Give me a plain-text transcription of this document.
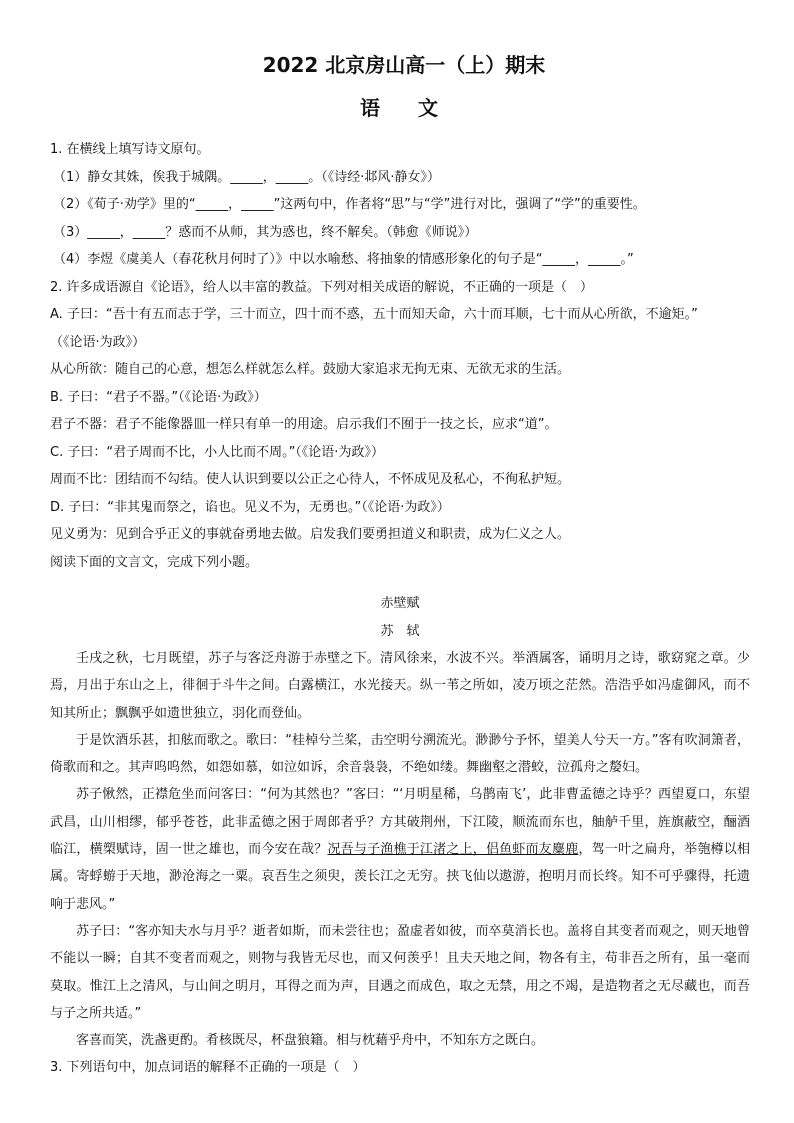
2022 北京房山高一（上）期末
语 文
1. 在横线上填写诗文原句。
（1）静女其姝，俟我于城隅。_____，_____。（《诗经·邶风·静女》）
（2）《荀子·劝学》里的“_____，_____”这两句中，作者将“思”与“学”进行对比，强调了“学”的重要性。
（3）_____，_____？惑而不从师，其为惑也，终不解矣。（韩愈《师说》）
（4）李煜《虞美人（春花秋月何时了）》中以水喻愁、将抽象的情感形象化的句子是“_____，_____。”
2. 许多成语源自《论语》，给人以丰富的教益。下列对相关成语的解说，不正确的一项是（　）
A. 子曰：“吾十有五而志于学，三十而立，四十而不惑，五十而知天命，六十而耳顺，七十而从心所欲，不逾矩。”
（《论语·为政》）
从心所欲：随自己的心意，想怎么样就怎么样。鼓励大家追求无拘无束、无欲无求的生活。
B. 子曰：“君子不器。”（《论语·为政》）
君子不器：君子不能像器皿一样只有单一的用途。启示我们不囿于一技之长，应求“道”。
C. 子曰：“君子周而不比，小人比而不周。”（《论语·为政》）
周而不比：团结而不勾结。使人认识到要以公正之心待人，不怀成见及私心，不徇私护短。
D. 子曰：“非其鬼而祭之，谄也。见义不为，无勇也。”（《论语·为政》）
见义勇为：见到合乎正义的事就奋勇地去做。启发我们要勇担道义和职责，成为仁义之人。
阅读下面的文言文，完成下列小题。
赤壁赋
苏　轼
壬戌之秋，七月既望，苏子与客泛舟游于赤壁之下。清风徐来，水波不兴。举酒属客，诵明月之诗，歌窈窕之章。少焉，月出于东山之上，徘徊于斗牛之间。白露横江，水光接天。纵一苇之所如，凌万顷之茫然。浩浩乎如冯虚御风，而不知其所止；飘飘乎如遗世独立，羽化而登仙。
于是饮酒乐甚，扣舷而歌之。歌曰：“桂棹兮兰桨，击空明兮溯流光。渺渺兮予怀，望美人兮天一方。”客有吹洞箫者，倚歌而和之。其声呜呜然，如怨如慕，如泣如诉，余音袅袅，不绝如缕。舞幽壑之潜蛟，泣孤舟之嫠妇。
苏子愀然，正襟危坐而问客曰：“何为其然也？”客曰：“‘月明星稀，乌鹊南飞’，此非曹孟德之诗乎？西望夏口，东望武昌，山川相缪，郁乎苍苍，此非孟德之困于周郎者乎？方其破荆州，下江陵，顺流而东也，舳舻千里，旌旗蔽空，酾酒临江，横槊赋诗，固一世之雄也，而今安在哉？况吾与子渔樵于江渚之上，侣鱼虾而友麋鹿，驾一叶之扁舟，举匏樽以相属。寄蜉蝣于天地，渺沧海之一粟。哀吾生之须臾，羡长江之无穷。挟飞仙以遨游，抱明月而长终。知不可乎骤得，托遗响于悲风。”
苏子曰：“客亦知夫水与月乎？逝者如斯，而未尝往也；盈虚者如彼，而卒莫消长也。盖将自其变者而观之，则天地曾不能以一瞬；自其不变者而观之，则物与我皆无尽也，而又何羡乎！且夫天地之间，物各有主，苟非吾之所有，虽一毫而莫取。惟江上之清风，与山间之明月，耳得之而为声，目遇之而成色，取之无禁，用之不竭，是造物者之无尽藏也，而吾与子之所共适。”
客喜而笑，洗盏更酌。肴核既尽，杯盘狼籍。相与枕藉乎舟中，不知东方之既白。
3. 下列语句中，加点词语的解释不正确的一项是（　）
